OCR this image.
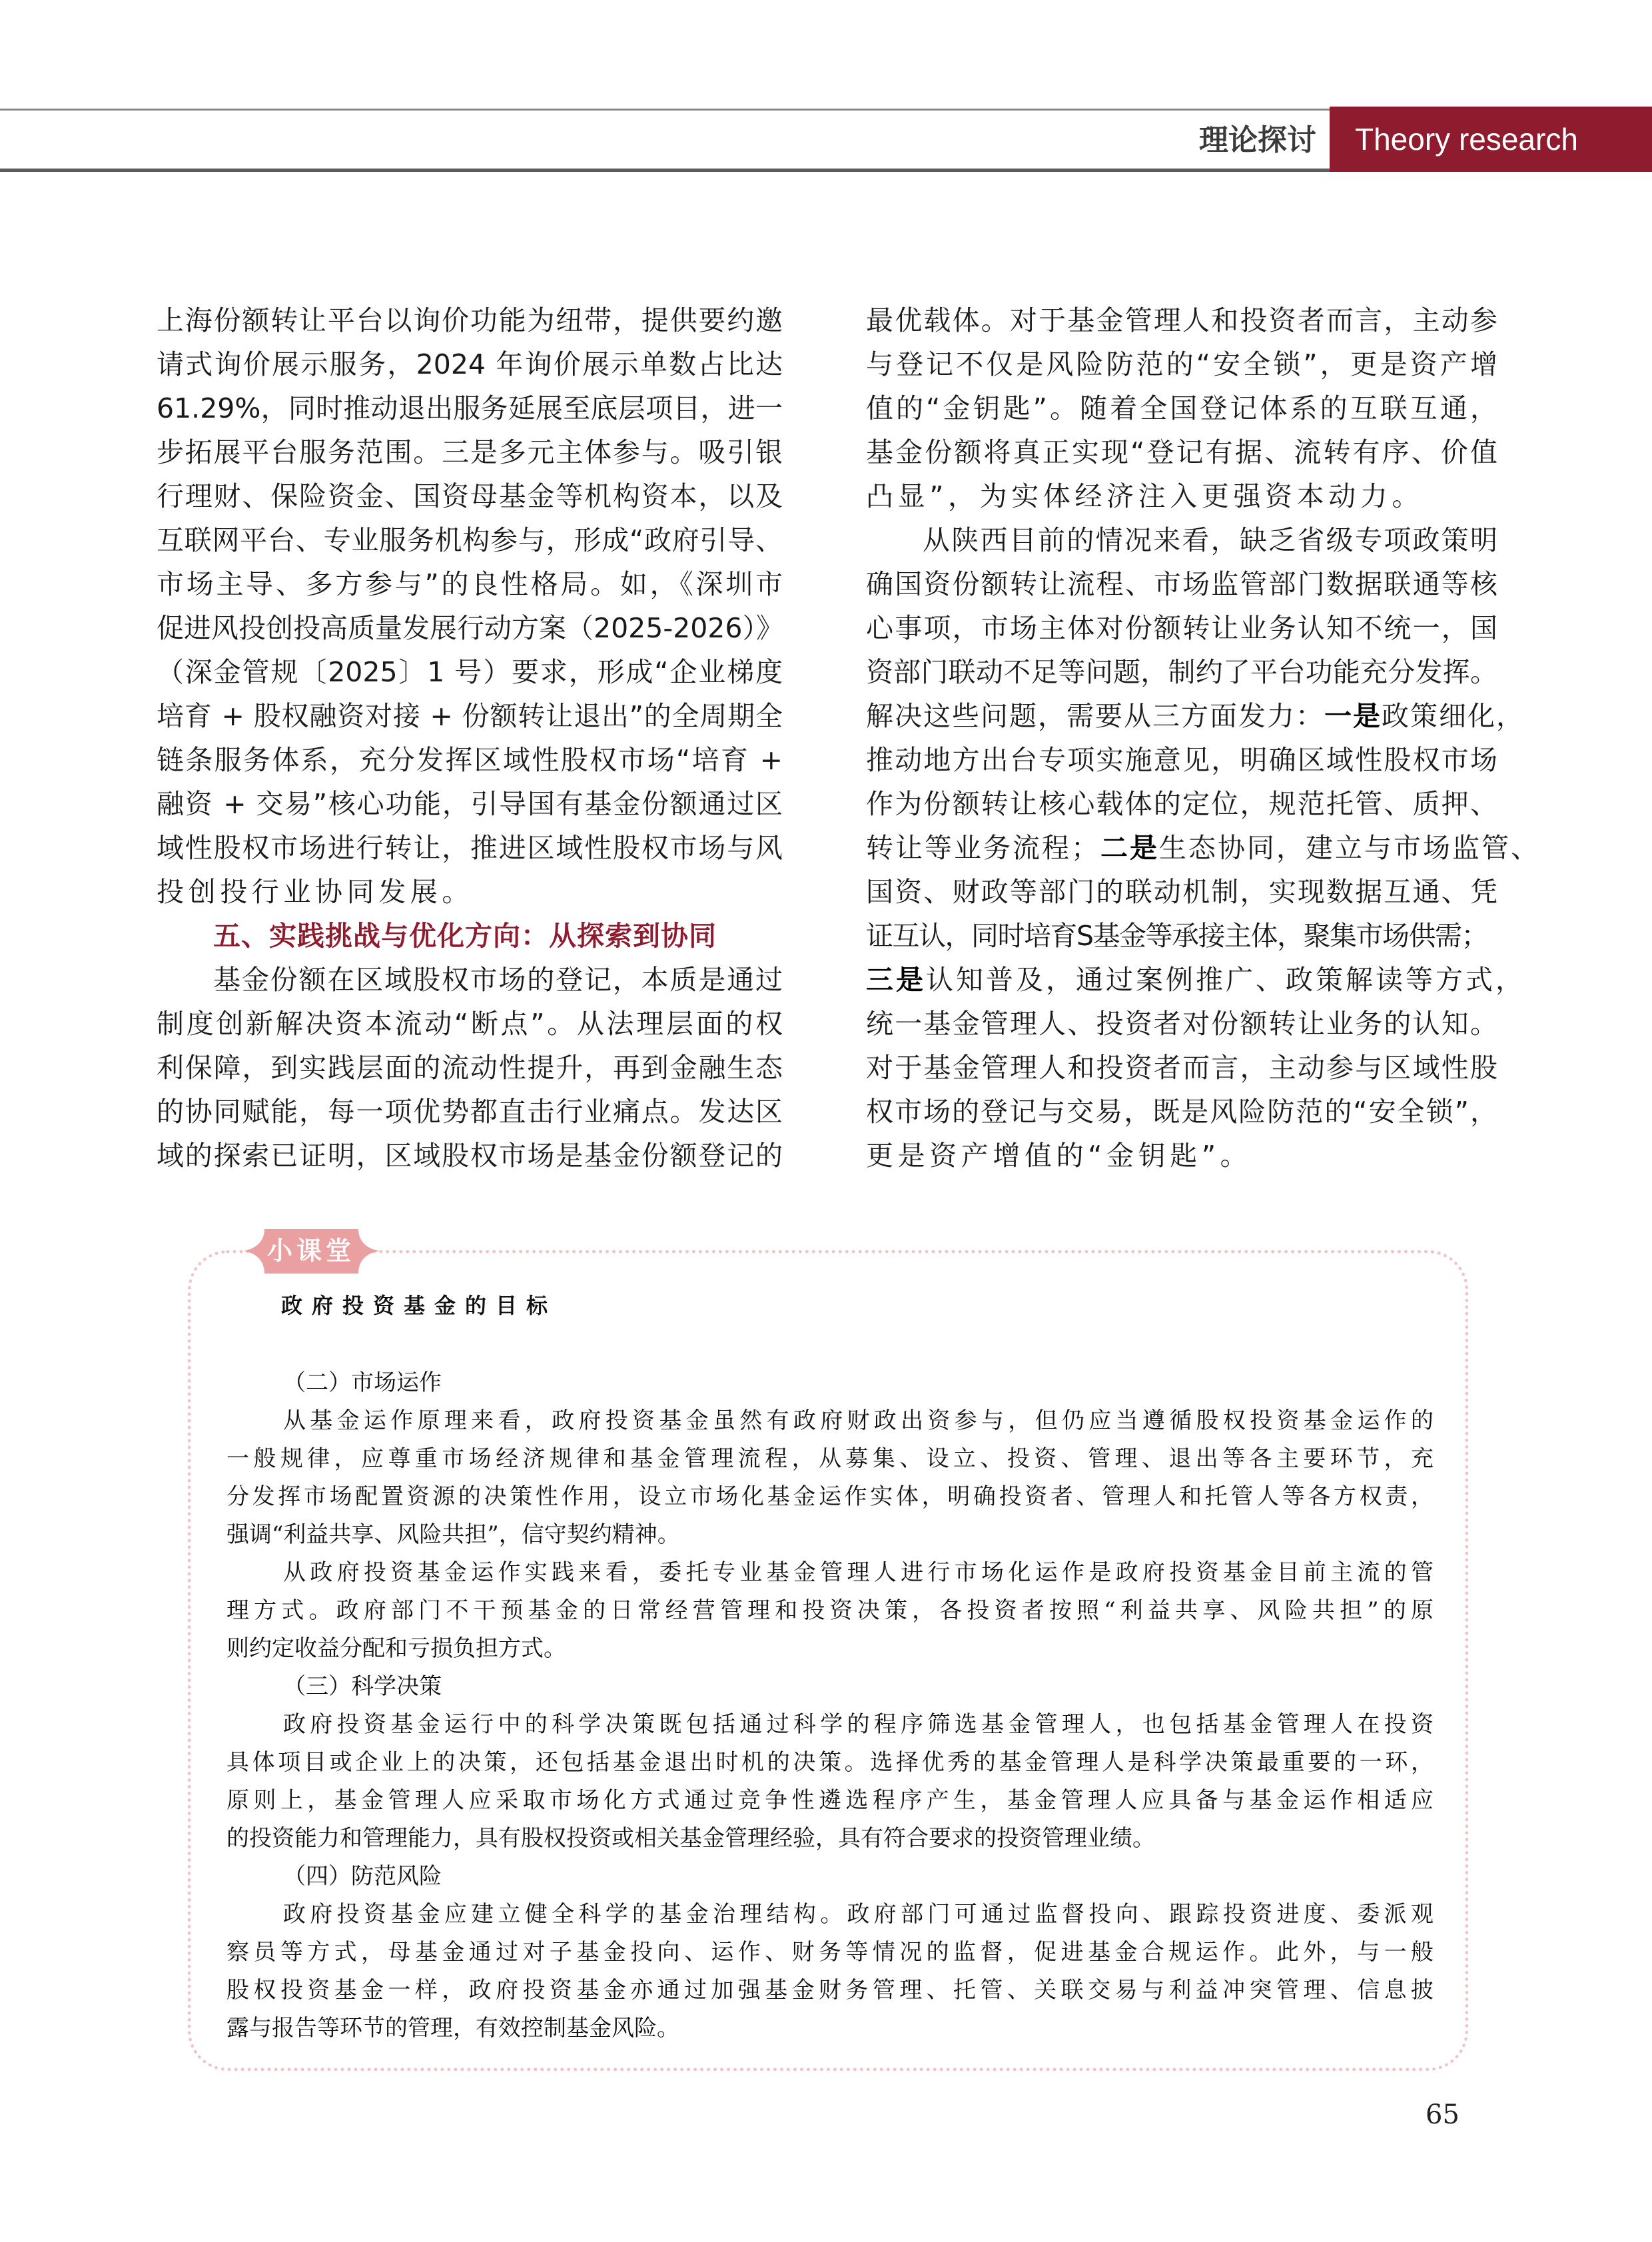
理论探讨 Theory research
上海份额转让平台以询价功能为纽带，提供要约邀
请式询价展示服务，2024 年询价展示单数占比达
61.29%，同时推动退出服务延展至底层项目，进一
步拓展平台服务范围。三是多元主体参与。吸引银
行理财、保险资金、国资母基金等机构资本，以及
互联网平台、专业服务机构参与，形成“政府引导、
市场主导、多方参与”的良性格局。如，《深圳市
促进风投创投高质量发展行动方案（2025-2026）》
（深金管规〔2025〕1 号）要求，形成“企业梯度
培育 + 股权融资对接 + 份额转让退出”的全周期全
链条服务体系，充分发挥区域性股权市场“培育 +
融资 + 交易”核心功能，引导国有基金份额通过区
域性股权市场进行转让，推进区域性股权市场与风
投创投行业协同发展。
五、实践挑战与优化方向：从探索到协同
基金份额在区域股权市场的登记，本质是通过
制度创新解决资本流动“断点”。从法理层面的权
利保障，到实践层面的流动性提升，再到金融生态
的协同赋能，每一项优势都直击行业痛点。发达区
域的探索已证明，区域股权市场是基金份额登记的
最优载体。对于基金管理人和投资者而言，主动参
与登记不仅是风险防范的“安全锁”，更是资产增
值的“金钥匙”。随着全国登记体系的互联互通，
基金份额将真正实现“登记有据、流转有序、价值
凸显”，为实体经济注入更强资本动力。
从陕西目前的情况来看，缺乏省级专项政策明
确国资份额转让流程、市场监管部门数据联通等核
心事项，市场主体对份额转让业务认知不统一，国
资部门联动不足等问题，制约了平台功能充分发挥。
解决这些问题，需要从三方面发力：一是政策细化，
推动地方出台专项实施意见，明确区域性股权市场
作为份额转让核心载体的定位，规范托管、质押、
转让等业务流程；二是生态协同，建立与市场监管、
国资、财政等部门的联动机制，实现数据互通、凭
证互认，同时培育S基金等承接主体，聚集市场供需；
三是认知普及，通过案例推广、政策解读等方式，
统一基金管理人、投资者对份额转让业务的认知。
对于基金管理人和投资者而言，主动参与区域性股
权市场的登记与交易，既是风险防范的“安全锁”，
更是资产增值的“金钥匙”。
小课堂
政府投资基金的目标
（二）市场运作
从基金运作原理来看，政府投资基金虽然有政府财政出资参与，但仍应当遵循股权投资基金运作的
一般规律，应尊重市场经济规律和基金管理流程，从募集、设立、投资、管理、退出等各主要环节，充
分发挥市场配置资源的决策性作用，设立市场化基金运作实体，明确投资者、管理人和托管人等各方权责，
强调“利益共享、风险共担”，信守契约精神。
从政府投资基金运作实践来看，委托专业基金管理人进行市场化运作是政府投资基金目前主流的管
理方式。政府部门不干预基金的日常经营管理和投资决策，各投资者按照“利益共享、风险共担”的原
则约定收益分配和亏损负担方式。
（三）科学决策
政府投资基金运行中的科学决策既包括通过科学的程序筛选基金管理人，也包括基金管理人在投资
具体项目或企业上的决策，还包括基金退出时机的决策。选择优秀的基金管理人是科学决策最重要的一环，
原则上，基金管理人应采取市场化方式通过竞争性遴选程序产生，基金管理人应具备与基金运作相适应
的投资能力和管理能力，具有股权投资或相关基金管理经验，具有符合要求的投资管理业绩。
（四）防范风险
政府投资基金应建立健全科学的基金治理结构。政府部门可通过监督投向、跟踪投资进度、委派观
察员等方式，母基金通过对子基金投向、运作、财务等情况的监督，促进基金合规运作。此外，与一般
股权投资基金一样，政府投资基金亦通过加强基金财务管理、托管、关联交易与利益冲突管理、信息披
露与报告等环节的管理，有效控制基金风险。
65
